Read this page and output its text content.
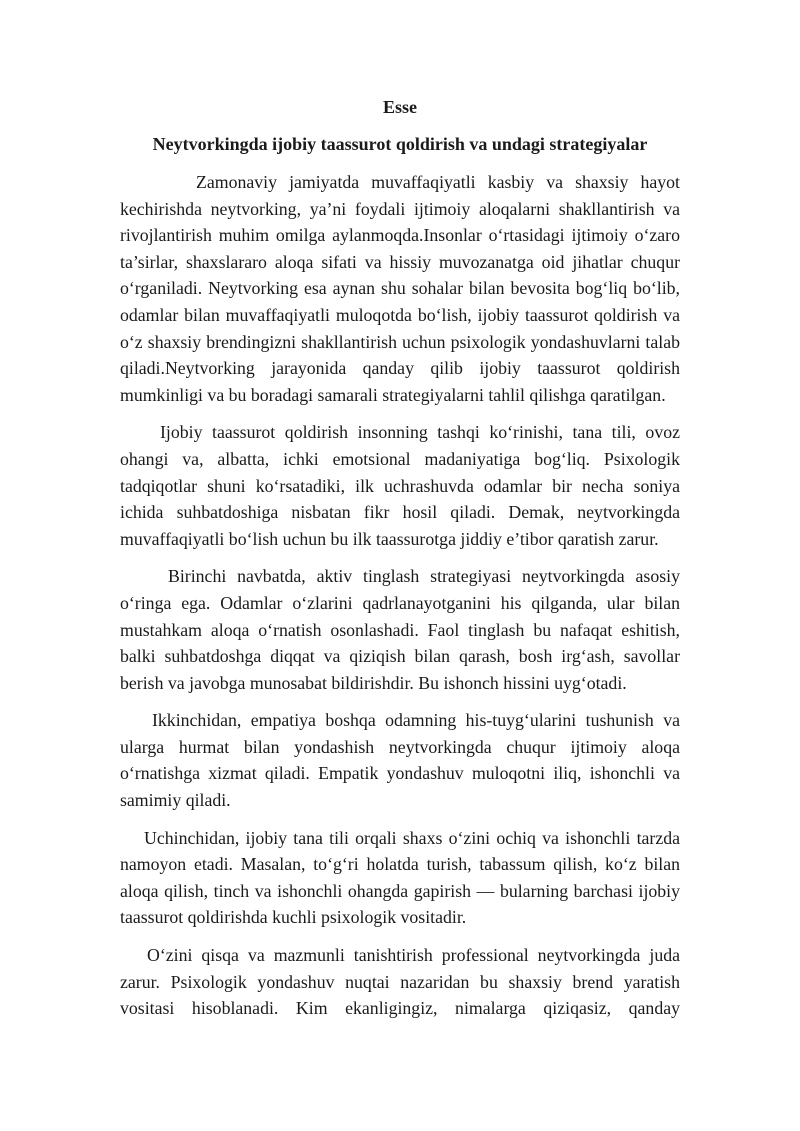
Esse
Neytvorkingda ijobiy taassurot qoldirish va undagi strategiyalar

Zamonaviy jamiyatda muvaffaqiyatli kasbiy va shaxsiy hayot kechirishda neytvorking, ya’ni foydali ijtimoiy aloqalarni shakllantirish va rivojlantirish muhim omilga aylanmoqda.Insonlar o‘rtasidagi ijtimoiy o‘zaro ta’sirlar, shaxslararo aloqa sifati va hissiy muvozanatga oid jihatlar chuqur o‘rganiladi. Neytvorking esa aynan shu sohalar bilan bevosita bog‘liq bo‘lib, odamlar bilan muvaffaqiyatli muloqotda bo‘lish, ijobiy taassurot qoldirish va o‘z shaxsiy brendingizni shakllantirish uchun psixologik yondashuvlarni talab qiladi.Neytvorking jarayonida qanday qilib ijobiy taassurot qoldirish mumkinligi va bu boradagi samarali strategiyalarni tahlil qilishga qaratilgan.

Ijobiy taassurot qoldirish insonning tashqi ko‘rinishi, tana tili, ovoz ohangi va, albatta, ichki emotsional madaniyatiga bog‘liq. Psixologik tadqiqotlar shuni ko‘rsatadiki, ilk uchrashuvda odamlar bir necha soniya ichida suhbatdoshiga nisbatan fikr hosil qiladi. Demak, neytvorkingda muvaffaqiyatli bo‘lish uchun bu ilk taassurotga jiddiy e’tibor qaratish zarur.

Birinchi navbatda, aktiv tinglash strategiyasi neytvorkingda asosiy o‘ringa ega. Odamlar o‘zlarini qadrlanayotganini his qilganda, ular bilan mustahkam aloqa o‘rnatish osonlashadi. Faol tinglash bu nafaqat eshitish, balki suhbatdoshga diqqat va qiziqish bilan qarash, bosh irg‘ash, savollar berish va javobga munosabat bildirishdir. Bu ishonch hissini uyg‘otadi.

Ikkinchidan, empatiya boshqa odamning his-tuyg‘ularini tushunish va ularga hurmat bilan yondashish neytvorkingda chuqur ijtimoiy aloqa o‘rnatishga xizmat qiladi. Empatik yondashuv muloqotni iliq, ishonchli va samimiy qiladi.

Uchinchidan, ijobiy tana tili orqali shaxs o‘zini ochiq va ishonchli tarzda namoyon etadi. Masalan, to‘g‘ri holatda turish, tabassum qilish, ko‘z bilan aloqa qilish, tinch va ishonchli ohangda gapirish — bularning barchasi ijobiy taassurot qoldirishda kuchli psixologik vositadir.

O‘zini qisqa va mazmunli tanishtirish professional neytvorkingda juda zarur. Psixologik yondashuv nuqtai nazaridan bu shaxsiy brend yaratish vositasi hisoblanadi. Kim ekanligingiz, nimalarga qiziqasiz, qanday
